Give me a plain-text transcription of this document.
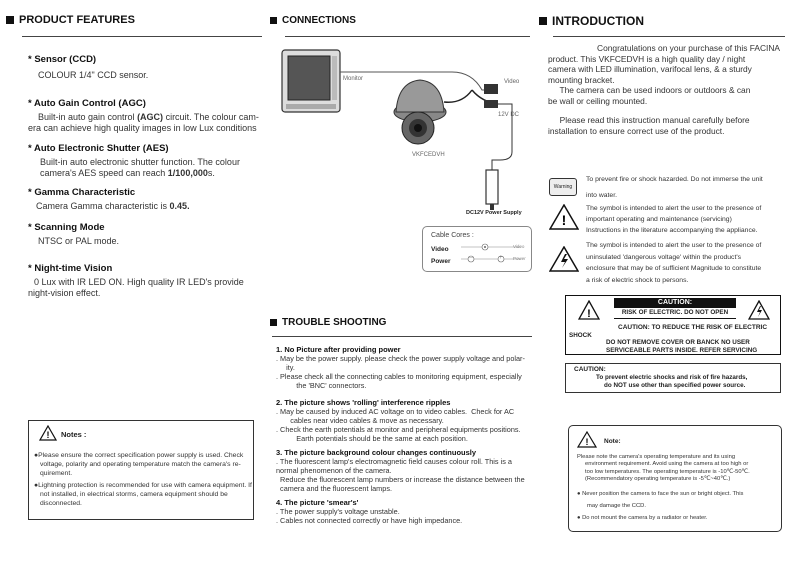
PRODUCT FEATURES
* Sensor (CCD)
COLOUR 1/4" CCD sensor.
* Auto Gain Control (AGC)
Built-in auto gain control (AGC) circuit. The colour cam-
era can achieve high quality images in low Lux conditions
* Auto Electronic Shutter (AES)
Built-in auto electronic shutter function. The colour
camera's AES speed can reach 1/100,000s.
* Gamma Characteristic
Camera Gamma characteristic is 0.45.
* Scanning Mode
NTSC or PAL mode.
* Night-time Vision
0 Lux with IR LED ON. High quality IR LED's provide
night-vision effect.
! Notes :
●Please ensure the correct specification power supply is used. Check
voltage, polarity and operating temperature match the camera's re-
quirement.
●Lightning protection is recommended for use with camera equipment. If
not installed, in electrical storms, camera equipment should be
disconnected.
CONNECTIONS
Monitor	Video
12V DC
VKFCEDVH
DC12V Power Supply
Cable Cores :
Video
Power
Video
Power
—	+
TROUBLE SHOOTING
1. No Picture after providing power
. May be the power supply. please check the power supply voltage and polar-
ity.
. Please check all the connecting cables to monitoring equipment, especially
the 'BNC' connectors.
2. The picture shows 'rolling' interference ripples
. May be caused by induced AC voltage on to video cables.  Check for AC
cables near video cables & move as necessary.
. Check the earth potentials at monitor and peripheral equipments positions.
Earth potentials should be the same at each position.
3. The picture background colour changes continuously
. The fluorescent lamp's electromagnetic field causes colour roll. This is a
normal phenomenon of the camera.
Reduce the fluorescent lamp numbers or increase the distance between the
camera and the fluorescent lamps.
4. The picture 'smear's'
. The power supply's voltage unstable.
. Cables not connected correctly or have high impedance.
INTRODUCTION
Congratulations on your purchase of this FACINA
product. This VKFCEDVH is a high quality day / night
camera with LED illumination, varifocal lens, & a sturdy
mounting bracket.
The camera can be used indoors or outdoors & can
be wall or ceiling mounted.
Please read this instruction manual carefully before
installation to ensure correct use of the product.
Warning
To prevent fire or shock hazarded. Do not immerse the unit
into water.
!
The symbol is intended to alert the user to the presence of
important operating and maintenance (servicing)
Instructions in the literature accompanying the appliance.
The symbol is intended to alert the user to the presence of
uninsulated 'dangerous voltage' within the product's
enclosure that may be of sufficient Magnitude to constitute
a risk of electric shock to persons.
!
CAUTION:
RISK OF ELECTRIC. DO NOT OPEN
CAUTION: TO REDUCE THE RISK OF ELECTRIC
SHOCK
DO NOT REMOVE COVER OR BANCK NO USER
SERVICEABLE PARTS INSIDE. REFER SERVICING
CAUTION:
To prevent electric shocks and risk of fire hazards,
do NOT use other than specified power source.
! Note:
Please note the camera's operating temperature and its using
environment requirement. Avoid using the camera at too high or
too low temperatures. The operating temperature is -10℃-50℃.
(Recommendatory operating temperature is -5℃~40℃.)
● Never position the camera to face the sun or bright object. This
may damage the CCD.
● Do not mount the camera by a radiator or heater.
